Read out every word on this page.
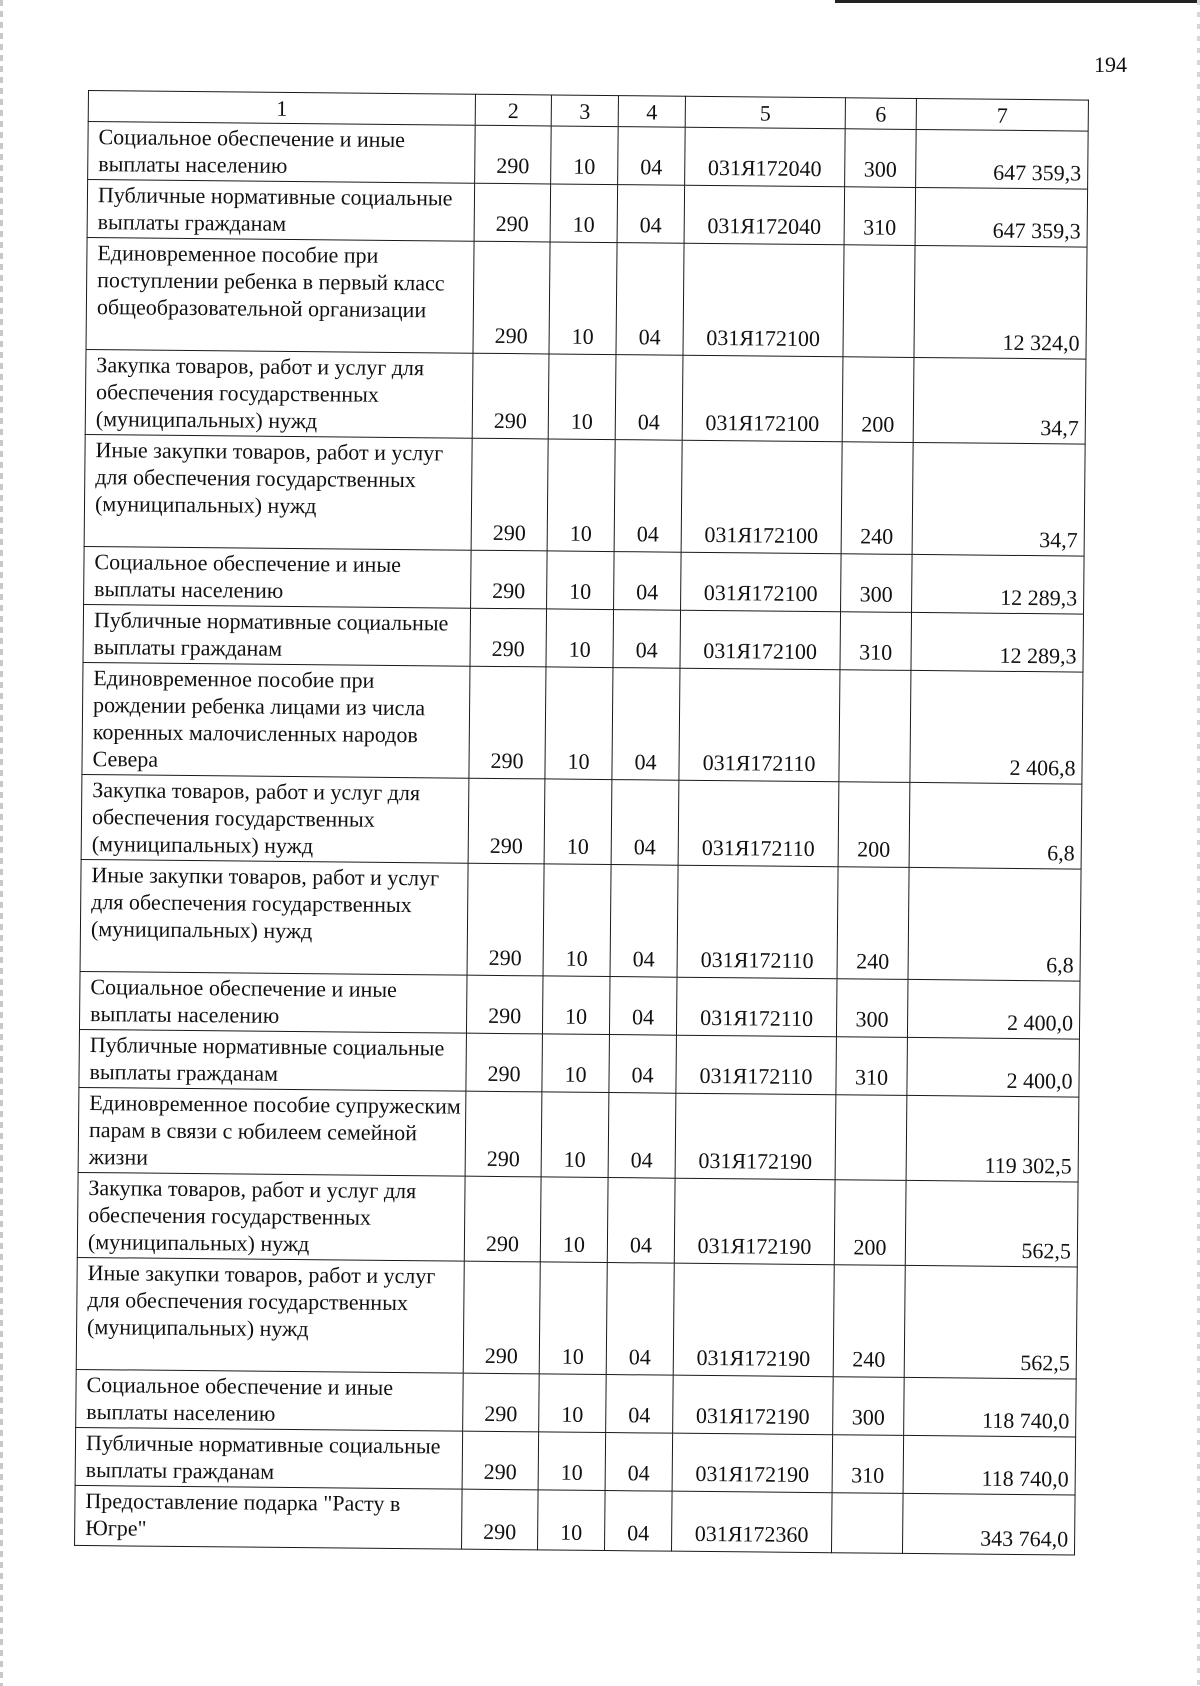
194
1	2	3	4	5	6	7
Социальное обеспечение и иные выплаты населению	290	10	04	031Я172040	300	647 359,3
Публичные нормативные социальные выплаты гражданам	290	10	04	031Я172040	310	647 359,3
Единовременное пособие при поступлении ребенка в первый класс общеобразовательной организации	290	10	04	031Я172100		12 324,0
Закупка товаров, работ и услуг для обеспечения государственных (муниципальных) нужд	290	10	04	031Я172100	200	34,7
Иные закупки товаров, работ и услуг для обеспечения государственных (муниципальных) нужд	290	10	04	031Я172100	240	34,7
Социальное обеспечение и иные выплаты населению	290	10	04	031Я172100	300	12 289,3
Публичные нормативные социальные выплаты гражданам	290	10	04	031Я172100	310	12 289,3
Единовременное пособие при рождении ребенка лицами из числа коренных малочисленных народов Севера	290	10	04	031Я172110		2 406,8
Закупка товаров, работ и услуг для обеспечения государственных (муниципальных) нужд	290	10	04	031Я172110	200	6,8
Иные закупки товаров, работ и услуг для обеспечения государственных (муниципальных) нужд	290	10	04	031Я172110	240	6,8
Социальное обеспечение и иные выплаты населению	290	10	04	031Я172110	300	2 400,0
Публичные нормативные социальные выплаты гражданам	290	10	04	031Я172110	310	2 400,0
Единовременное пособие супружеским парам в связи с юбилеем семейной жизни	290	10	04	031Я172190		119 302,5
Закупка товаров, работ и услуг для обеспечения государственных (муниципальных) нужд	290	10	04	031Я172190	200	562,5
Иные закупки товаров, работ и услуг для обеспечения государственных (муниципальных) нужд	290	10	04	031Я172190	240	562,5
Социальное обеспечение и иные выплаты населению	290	10	04	031Я172190	300	118 740,0
Публичные нормативные социальные выплаты гражданам	290	10	04	031Я172190	310	118 740,0
Предоставление подарка "Расту в Югре"	290	10	04	031Я172360		343 764,0
